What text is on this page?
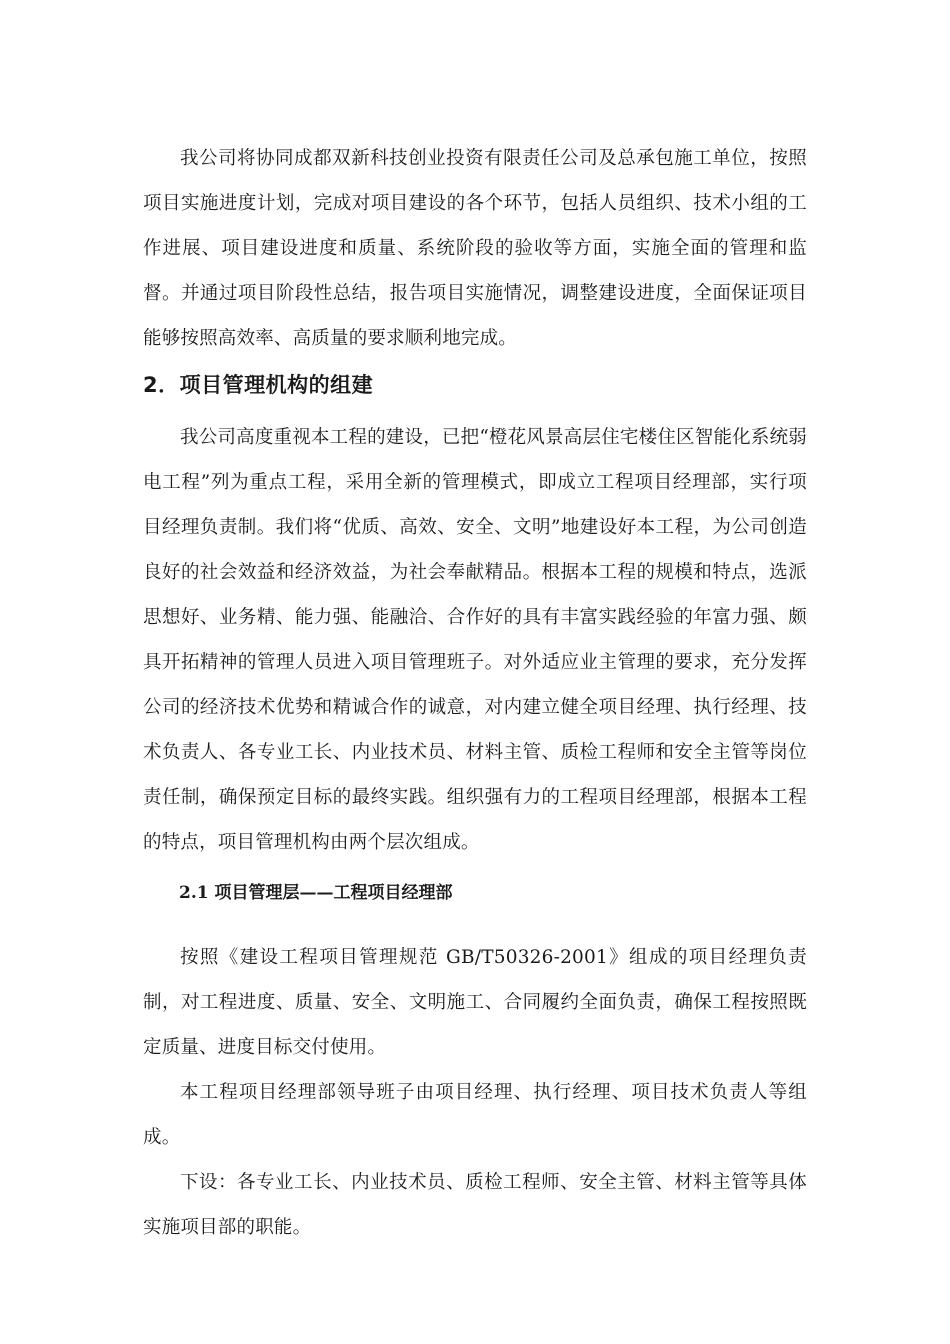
我公司将协同成都双新科技创业投资有限责任公司及总承包施工单位，按照项目实施进度计划，完成对项目建设的各个环节，包括人员组织、技术小组的工作进展、项目建设进度和质量、系统阶段的验收等方面，实施全面的管理和监督。并通过项目阶段性总结，报告项目实施情况，调整建设进度，全面保证项目能够按照高效率、高质量的要求顺利地完成。

2．项目管理机构的组建

我公司高度重视本工程的建设，已把“橙花风景高层住宅楼住区智能化系统弱电工程”列为重点工程，采用全新的管理模式，即成立工程项目经理部，实行项目经理负责制。我们将“优质、高效、安全、文明”地建设好本工程，为公司创造良好的社会效益和经济效益，为社会奉献精品。根据本工程的规模和特点，选派思想好、业务精、能力强、能融洽、合作好的具有丰富实践经验的年富力强、颇具开拓精神的管理人员进入项目管理班子。对外适应业主管理的要求，充分发挥公司的经济技术优势和精诚合作的诚意，对内建立健全项目经理、执行经理、技术负责人、各专业工长、内业技术员、材料主管、质检工程师和安全主管等岗位责任制，确保预定目标的最终实践。组织强有力的工程项目经理部，根据本工程的特点，项目管理机构由两个层次组成。

2.1 项目管理层——工程项目经理部

按照《建设工程项目管理规范 GB/T50326-2001》组成的项目经理负责制，对工程进度、质量、安全、文明施工、合同履约全面负责，确保工程按照既定质量、进度目标交付使用。

本工程项目经理部领导班子由项目经理、执行经理、项目技术负责人等组成。

下设：各专业工长、内业技术员、质检工程师、安全主管、材料主管等具体实施项目部的职能。
